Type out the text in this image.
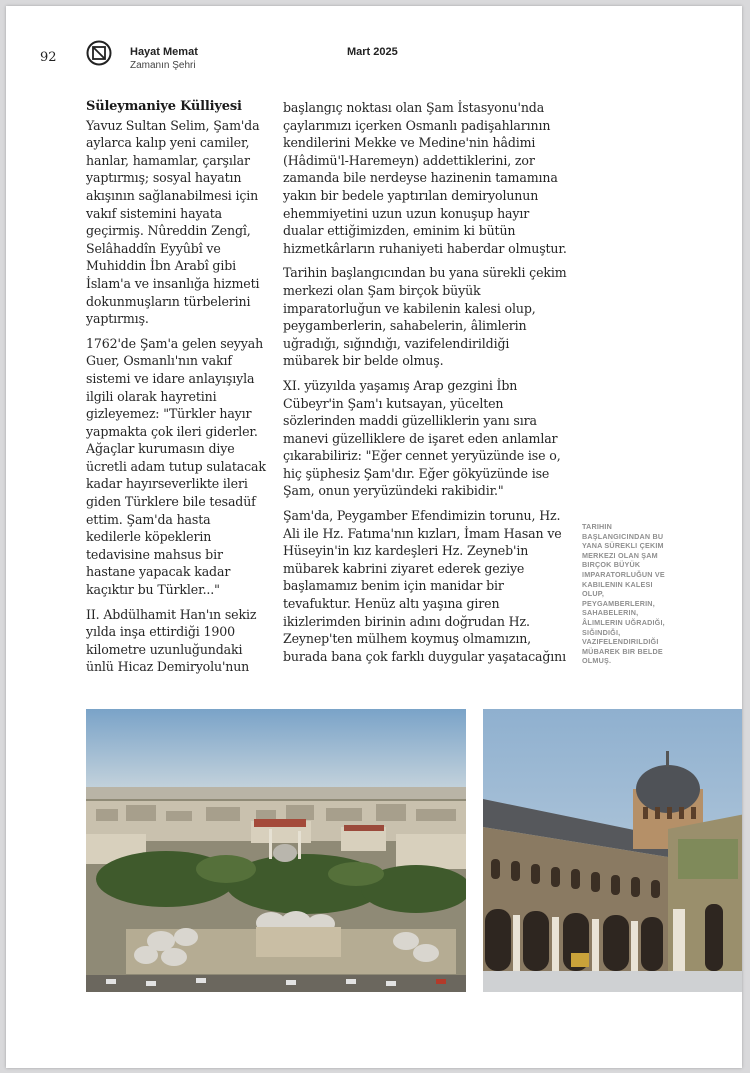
92	Hayat Memat
Zamanın Şehri
Mart 2025
Süleymaniye Külliyesi

Yavuz Sultan Selim, Şam'da aylarca kalıp yeni camiler, hanlar, hamamlar, çarşılar yaptırmış; sosyal hayatın akışının sağlanabilmesi için vakıf sistemini hayata geçirmiş. Nûreddin Zengî, Selâhaddîn Eyyûbî ve Muhiddin İbn Arabî gibi İslam'a ve insanlığa hizmeti dokunmuşların türbelerini yaptırmış.

1762'de Şam'a gelen seyyah Guer, Osmanlı'nın vakıf sistemi ve idare anlayışıyla ilgili olarak hayretini gizleyemez: "Türkler hayır yapmakta çok ileri giderler. Ağaçlar kurumasın diye ücretli adam tutup sulatacak kadar hayırseverlikte ileri giden Türklere bile tesadüf ettim. Şam'da hasta kedilerle köpeklerin tedavisine mahsus bir hastane yapacak kadar kaçıktır bu Türkler..."

II. Abdülhamit Han'ın sekiz yılda inşa ettirdiği 1900 kilometre uzunluğundaki ünlü Hicaz Demiryolu'nun

başlangıç noktası olan Şam İstasyonu'nda çaylarımızı içerken Osmanlı padişahlarının kendilerini Mekke ve Medine'nin hâdimi (Hâdimü'l-Haremeyn) addettiklerini, zor zamanda bile nerdeyse hazinenin tamamına yakın bir bedele yaptırılan demiryolunun ehemmiyetini uzun uzun konuşup hayır dualar ettiğimizden, eminim ki bütün hizmetkârların ruhaniyeti haberdar olmuştur.

Tarihin başlangıcından bu yana sürekli çekim merkezi olan Şam birçok büyük imparatorluğun ve kabilenin kalesi olup, peygamberlerin, sahabelerin, âlimlerin uğradığı, sığındığı, vazifelendirildiği mübarek bir belde olmuş.

XI. yüzyılda yaşamış Arap gezgini İbn Cübeyr'in Şam'ı kutsayan, yücelten sözlerinden maddi güzelliklerin yanı sıra manevi güzelliklere de işaret eden anlamlar çıkarabiliriz: "Eğer cennet yeryüzünde ise o, hiç şüphesiz Şam'dır. Eğer gökyüzünde ise Şam, onun yeryüzündeki rakibidir."

Şam'da, Peygamber Efendimizin torunu, Hz. Ali ile Hz. Fatıma'nın kızları, İmam Hasan ve Hüseyin'in kız kardeşleri Hz. Zeyneb'in mübarek kabrini ziyaret ederek geziye başlamamız benim için manidar bir tevafuktur. Henüz altı yaşına giren ikizlerimden birinin adını doğrudan Hz. Zeynep'ten mülhem koymuş olmamızın, burada bana çok farklı duygular yaşatacağını

TARIHIN BAŞLANGICINDAN BU YANA SÜREKLI ÇEKIM MERKEZI OLAN ŞAM BIRÇOK BÜYÜK IMPARATORLUĞUN VE KABILENIN KALESI OLUP, PEYGAMBERLERIN, SAHABELERIN, ÂLIMLERIN UĞRADIĞI, SIĞINDIĞI, VAZIFELENDIRILDIĞI MÜBAREK BIR BELDE OLMUŞ.
